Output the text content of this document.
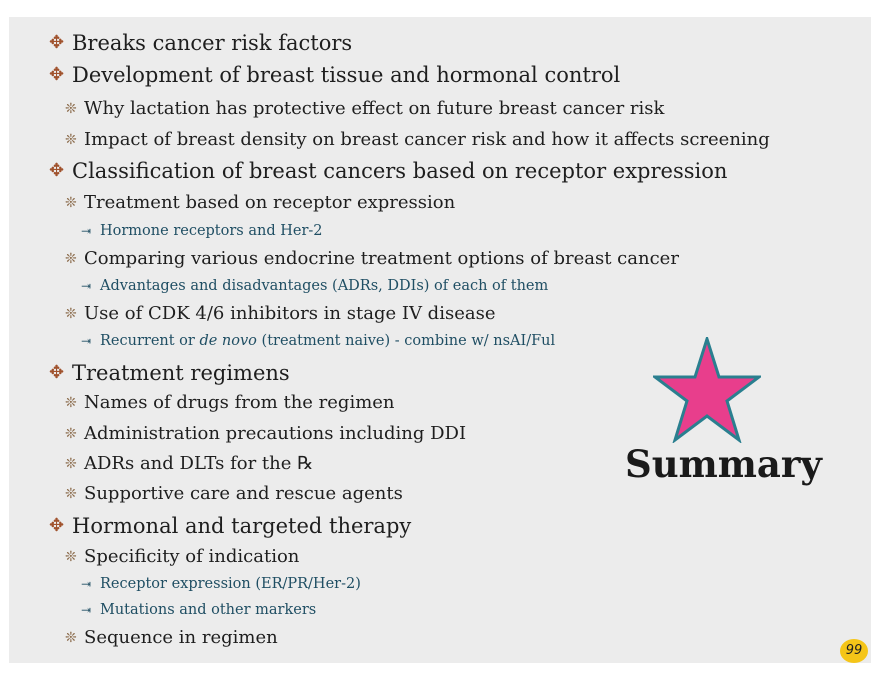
✥ Breaks cancer risk factors
✥ Development of breast tissue and hormonal control
❊ Why lactation has protective effect on future breast cancer risk
❊ Impact of breast density on breast cancer risk and how it affects screening
✥ Classification of breast cancers based on receptor expression
❊ Treatment based on receptor expression
⇥ Hormone receptors and Her-2
❊ Comparing various endocrine treatment options of breast cancer
⇥ Advantages and disadvantages (ADRs, DDIs) of each of them
❊ Use of CDK 4/6 inhibitors in stage IV disease
⇥ Recurrent or de novo (treatment naive) - combine w/ nsAI/Ful
✥ Treatment regimens
❊ Names of drugs from the regimen
❊ Administration precautions including DDI
❊ ADRs and DLTs for the ℞
❊ Supportive care and rescue agents
✥ Hormonal and targeted therapy
❊ Specificity of indication
⇥ Receptor expression (ER/PR/Her-2)
⇥ Mutations and other markers
❊ Sequence in regimen
Summary
99
